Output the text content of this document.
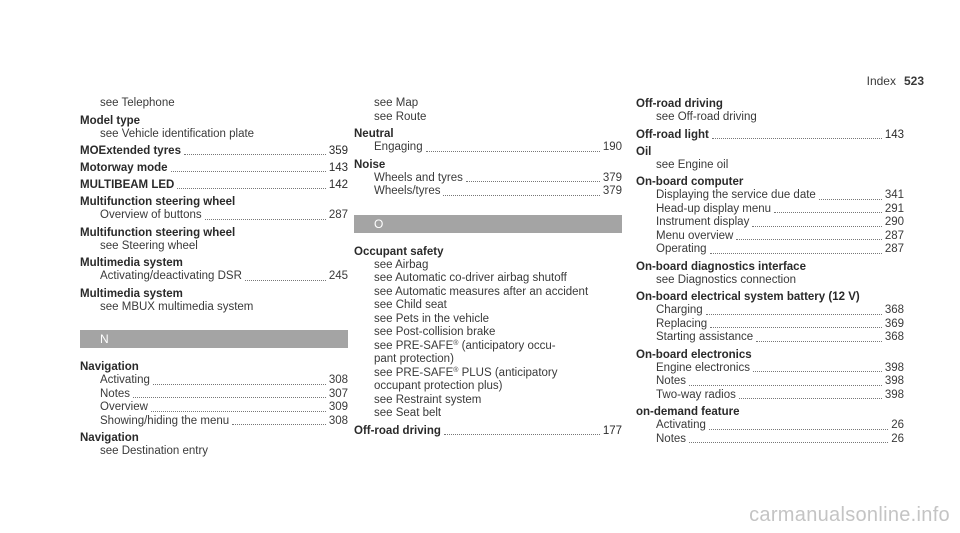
Index 523
see Telephone
Model type
see Vehicle identification plate
MOExtended tyres	359
Motorway mode	143
MULTIBEAM LED	142
Multifunction steering wheel
Overview of buttons	287
Multifunction steering wheel
see Steering wheel
Multimedia system
Activating/deactivating DSR	245
Multimedia system
see MBUX multimedia system
N
Navigation
Activating	308
Notes	307
Overview	309
Showing/hiding the menu	308
Navigation
see Destination entry
see Map
see Route
Neutral
Engaging	190
Noise
Wheels and tyres	379
Wheels/tyres	379
O
Occupant safety
see Airbag
see Automatic co-driver airbag shutoff
see Automatic measures after an accident
see Child seat
see Pets in the vehicle
see Post-collision brake
see PRE-SAFE® (anticipatory occu-
pant protection)
see PRE-SAFE® PLUS (anticipatory
occupant protection plus)
see Restraint system
see Seat belt
Off-road driving	177
Off-road driving
see Off-road driving
Off-road light	143
Oil
see Engine oil
On-board computer
Displaying the service due date	341
Head-up display menu	291
Instrument display	290
Menu overview	287
Operating	287
On-board diagnostics interface
see Diagnostics connection
On-board electrical system battery (12 V)
Charging	368
Replacing	369
Starting assistance	368
On-board electronics
Engine electronics	398
Notes	398
Two-way radios	398
on-demand feature
Activating	26
Notes	26
carmanualsonline.info
